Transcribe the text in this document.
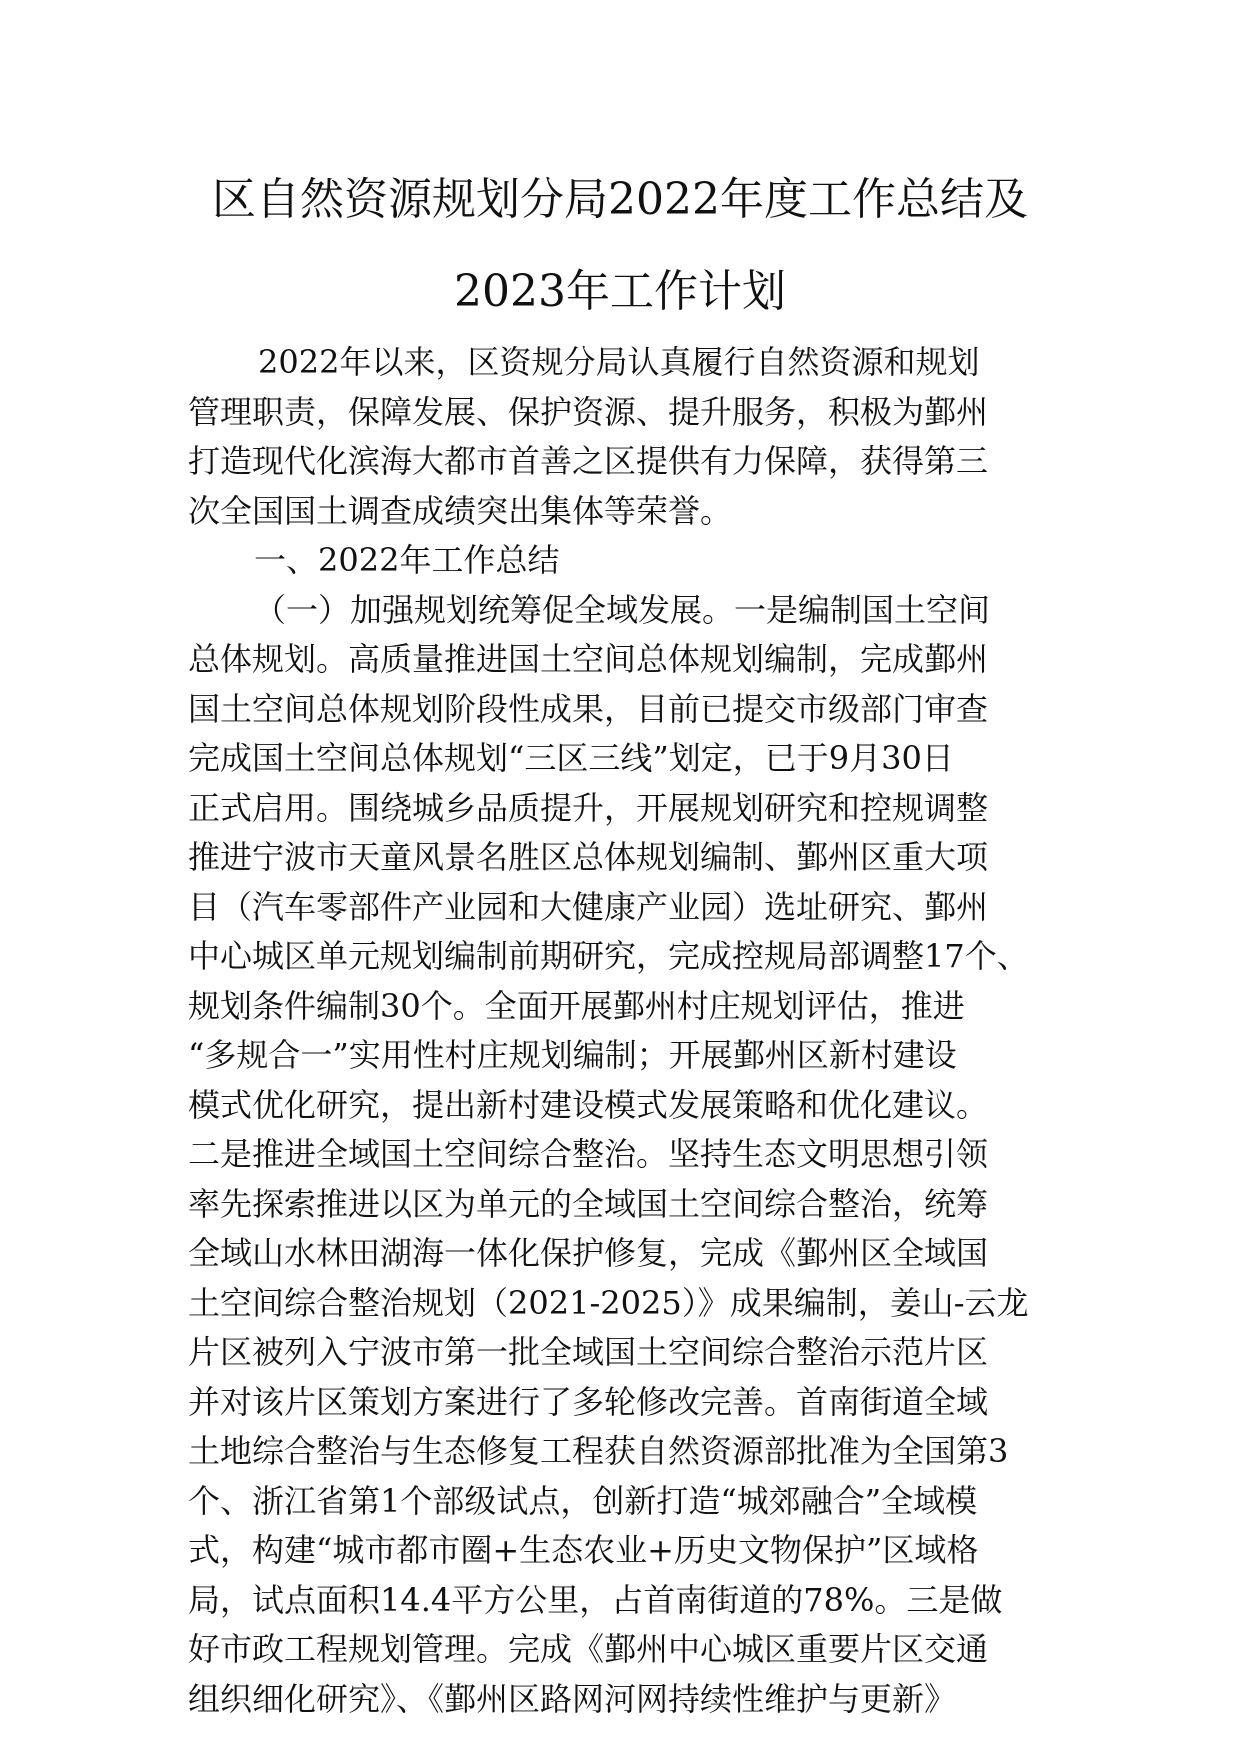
区自然资源规划分局2022年度工作总结及
2023年工作计划
2022年以来，区资规分局认真履行自然资源和规划
管理职责，保障发展、保护资源、提升服务，积极为鄞州
打造现代化滨海大都市首善之区提供有力保障，获得第三
次全国国土调查成绩突出集体等荣誉。
一、2022年工作总结
（一）加强规划统筹促全域发展。一是编制国土空间
总体规划。高质量推进国土空间总体规划编制，完成鄞州
国土空间总体规划阶段性成果，目前已提交市级部门审查
完成国土空间总体规划“三区三线”划定，已于9月30日
正式启用。围绕城乡品质提升，开展规划研究和控规调整
推进宁波市天童风景名胜区总体规划编制、鄞州区重大项
目（汽车零部件产业园和大健康产业园）选址研究、鄞州
中心城区单元规划编制前期研究，完成控规局部调整17个、
规划条件编制30个。全面开展鄞州村庄规划评估，推进
“多规合一”实用性村庄规划编制；开展鄞州区新村建设
模式优化研究，提出新村建设模式发展策略和优化建议。
二是推进全域国土空间综合整治。坚持生态文明思想引领
率先探索推进以区为单元的全域国土空间综合整治，统筹
全域山水林田湖海一体化保护修复，完成《鄞州区全域国
土空间综合整治规划（2021-2025）》成果编制，姜山-云龙
片区被列入宁波市第一批全域国土空间综合整治示范片区
并对该片区策划方案进行了多轮修改完善。首南街道全域
土地综合整治与生态修复工程获自然资源部批准为全国第3
个、浙江省第1个部级试点，创新打造“城郊融合”全域模
式，构建“城市都市圈+生态农业+历史文物保护”区域格
局，试点面积14.4平方公里，占首南街道的78%。三是做
好市政工程规划管理。完成《鄞州中心城区重要片区交通
组织细化研究》、《鄞州区路网河网持续性维护与更新》
